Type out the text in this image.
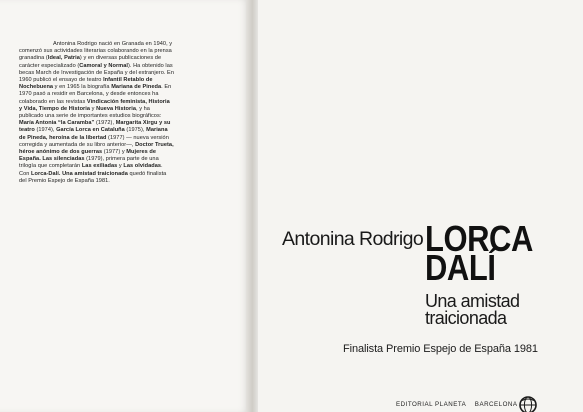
Antonina Rodrigo nació en Granada en 1940, y comenzó sus actividades literarias colaborando en la prensa granadina (Ideal, Patria) y en diversas publicaciones de carácter especializado (Camoral y Normal). Ha obtenido las becas March de Investigación de España y del extranjero. En 1960 publicó el ensayo de teatro Infantil Retablo de Nochebuena y en 1965 la biografía Mariana de Pineda. En 1970 pasó a residir en Barcelona, y desde entonces ha colaborado en las revistas Vindicación feminista, Historia y Vida, Tiempo de Historia y Nueva Historia, y ha publicado una serie de importantes estudios biográficos: María Antonia “la Caramba” (1972), Margarita Xirgu y su teatro (1974), García Lorca en Cataluña (1975), Mariana de Pineda, heroína de la libertad (1977) — nueva versión corregida y aumentada de su libro anterior—, Doctor Trueta, héroe anónimo de dos guerras (1977) y Mujeres de España. Las silenciadas (1979), primera parte de una trilogía que completarán Las exiliadas y Las olvidadas. Con Lorca-Dalí. Una amistad traicionada quedó finalista del Premio Espejo de España 1981.

Antonina Rodrigo LORCA
DALÍ
Una amistad
traicionada
Finalista Premio Espejo de España 1981
EDITORIAL PLANETA    BARCELONA
